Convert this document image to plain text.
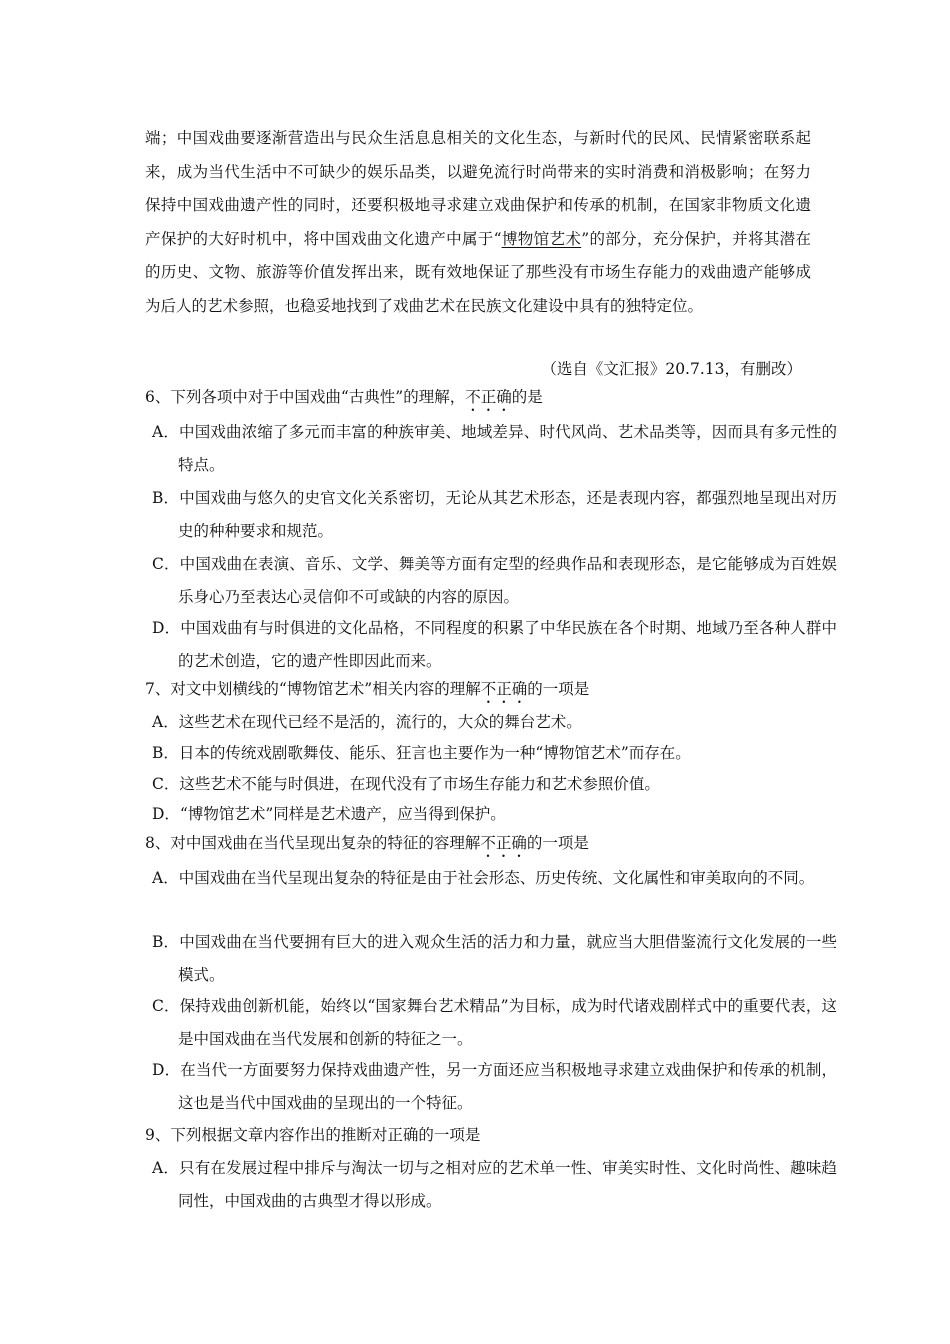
端；中国戏曲要逐渐营造出与民众生活息息相关的文化生态，与新时代的民风、民情紧密联系起来，成为当代生活中不可缺少的娱乐品类，以避免流行时尚带来的实时消费和消极影响；在努力保持中国戏曲遗产性的同时，还要积极地寻求建立戏曲保护和传承的机制，在国家非物质文化遗产保护的大好时机中，将中国戏曲文化遗产中属于“博物馆艺术”的部分，充分保护，并将其潜在的历史、文物、旅游等价值发挥出来，既有效地保证了那些没有市场生存能力的戏曲遗产能够成为后人的艺术参照，也稳妥地找到了戏曲艺术在民族文化建设中具有的独特定位。

（选自《文汇报》20.7.13，有删改）
6、下列各项中对于中国戏曲“古典性”的理解，不正确的是
A．中国戏曲浓缩了多元而丰富的种族审美、地域差异、时代风尚、艺术品类等，因而具有多元性的特点。
B．中国戏曲与悠久的史官文化关系密切，无论从其艺术形态，还是表现内容，都强烈地呈现出对历史的种种要求和规范。
C．中国戏曲在表演、音乐、文学、舞美等方面有定型的经典作品和表现形态，是它能够成为百姓娱乐身心乃至表达心灵信仰不可或缺的内容的原因。
D．中国戏曲有与时俱进的文化品格，不同程度的积累了中华民族在各个时期、地域乃至各种人群中的艺术创造，它的遗产性即因此而来。
7、对文中划横线的“博物馆艺术”相关内容的理解不正确的一项是
A．这些艺术在现代已经不是活的，流行的，大众的舞台艺术。
B．日本的传统戏剧歌舞伎、能乐、狂言也主要作为一种“博物馆艺术”而存在。
C．这些艺术不能与时俱进，在现代没有了市场生存能力和艺术参照价值。
D．“博物馆艺术”同样是艺术遗产，应当得到保护。
8、对中国戏曲在当代呈现出复杂的特征的容理解不正确的一项是
A．中国戏曲在当代呈现出复杂的特征是由于社会形态、历史传统、文化属性和审美取向的不同。
B．中国戏曲在当代要拥有巨大的进入观众生活的活力和力量，就应当大胆借鉴流行文化发展的一些模式。
C．保持戏曲创新机能，始终以“国家舞台艺术精品”为目标，成为时代诸戏剧样式中的重要代表，这是中国戏曲在当代发展和创新的特征之一。
D．在当代一方面要努力保持戏曲遗产性，另一方面还应当积极地寻求建立戏曲保护和传承的机制，这也是当代中国戏曲的呈现出的一个特征。
9、下列根据文章内容作出的推断对正确的一项是
A．只有在发展过程中排斥与淘汰一切与之相对应的艺术单一性、审美实时性、文化时尚性、趣味趋同性，中国戏曲的古典型才得以形成。
